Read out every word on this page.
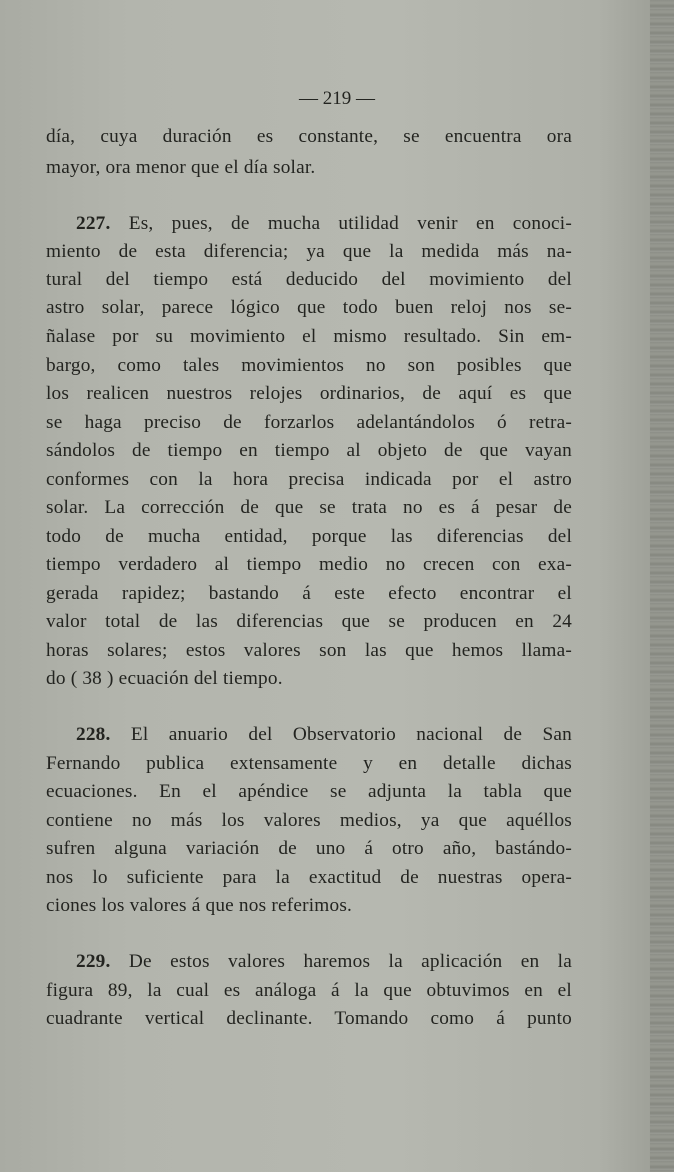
— 219 —
día, cuya duración es constante, se encuentra ora
mayor, ora menor que el día solar.
227. Es, pues, de mucha utilidad venir en conoci-
miento de esta diferencia; ya que la medida más na-
tural del tiempo está deducido del movimiento del
astro solar, parece lógico que todo buen reloj nos se-
ñalase por su movimiento el mismo resultado. Sin em-
bargo, como tales movimientos no son posibles que
los realicen nuestros relojes ordinarios, de aquí es que
se haga preciso de forzarlos adelantándolos ó retra-
sándolos de tiempo en tiempo al objeto de que vayan
conformes con la hora precisa indicada por el astro
solar. La corrección de que se trata no es á pesar de
todo de mucha entidad, porque las diferencias del
tiempo verdadero al tiempo medio no crecen con exa-
gerada rapidez; bastando á este efecto encontrar el
valor total de las diferencias que se producen en 24
horas solares; estos valores son las que hemos llama-
do ( 38 ) ecuación del tiempo.
228. El anuario del Observatorio nacional de San
Fernando publica extensamente y en detalle dichas
ecuaciones. En el apéndice se adjunta la tabla que
contiene no más los valores medios, ya que aquéllos
sufren alguna variación de uno á otro año, bastándo-
nos lo suficiente para la exactitud de nuestras opera-
ciones los valores á que nos referimos.
229. De estos valores haremos la aplicación en la
figura 89, la cual es análoga á la que obtuvimos en el
cuadrante vertical declinante. Tomando como á punto
